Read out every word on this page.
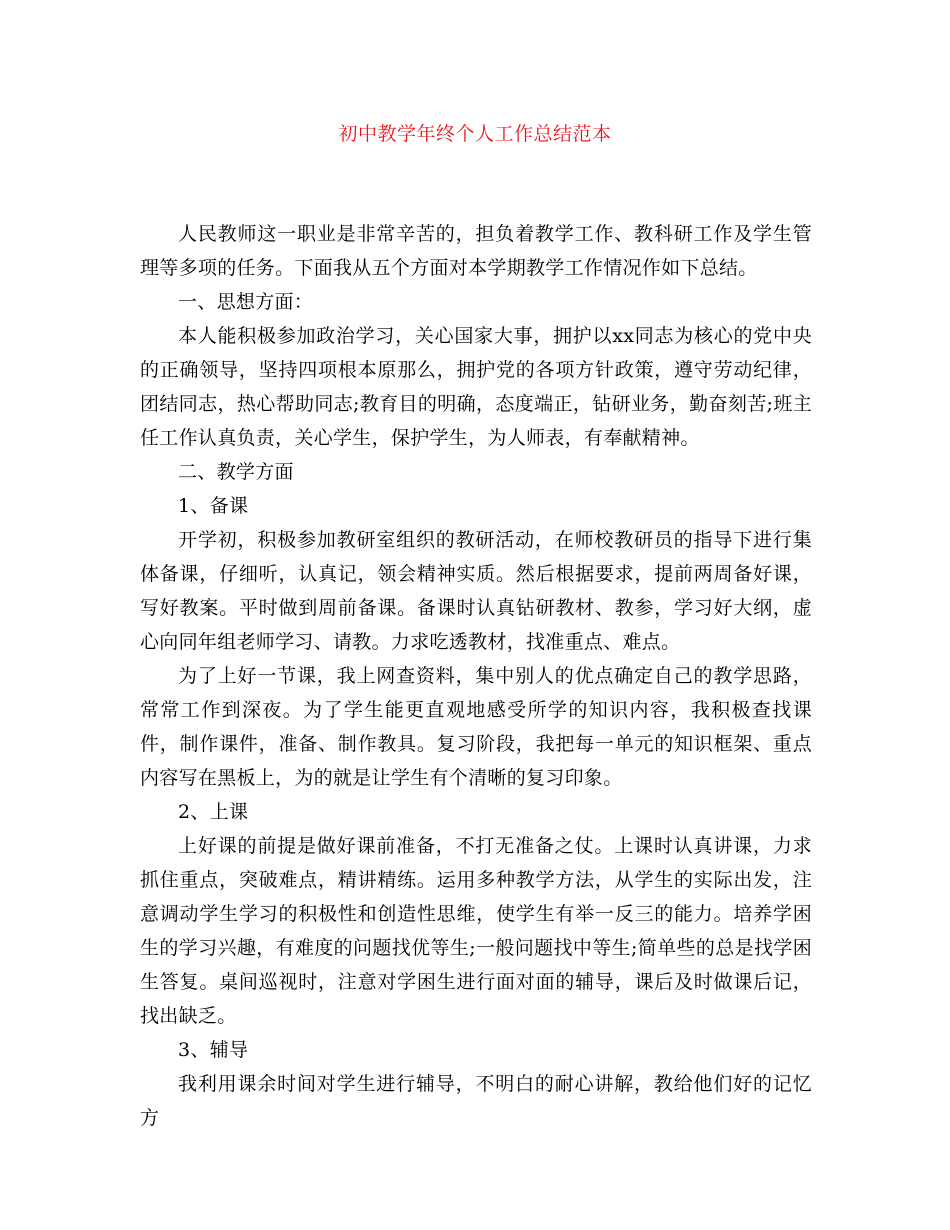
初中教学年终个人工作总结范本

人民教师这一职业是非常辛苦的，担负着教学工作、教科研工作及学生管理等多项的任务。下面我从五个方面对本学期教学工作情况作如下总结。

一、思想方面：

本人能积极参加政治学习，关心国家大事，拥护以xx同志为核心的党中央的正确领导，坚持四项根本原那么，拥护党的各项方针政策，遵守劳动纪律，团结同志，热心帮助同志;教育目的明确，态度端正，钻研业务，勤奋刻苦;班主任工作认真负责，关心学生，保护学生，为人师表，有奉献精神。

二、教学方面

1、备课

开学初，积极参加教研室组织的教研活动，在师校教研员的指导下进行集体备课，仔细听，认真记，领会精神实质。然后根据要求，提前两周备好课，写好教案。平时做到周前备课。备课时认真钻研教材、教参，学习好大纲，虚心向同年组老师学习、请教。力求吃透教材，找准重点、难点。

为了上好一节课，我上网查资料，集中别人的优点确定自己的教学思路，常常工作到深夜。为了学生能更直观地感受所学的知识内容，我积极查找课件，制作课件，准备、制作教具。复习阶段，我把每一单元的知识框架、重点内容写在黑板上，为的就是让学生有个清晰的复习印象。

2、上课

上好课的前提是做好课前准备，不打无准备之仗。上课时认真讲课，力求抓住重点，突破难点，精讲精练。运用多种教学方法，从学生的实际出发，注意调动学生学习的积极性和创造性思维，使学生有举一反三的能力。培养学困生的学习兴趣，有难度的问题找优等生;一般问题找中等生;简单些的总是找学困生答复。桌间巡视时，注意对学困生进行面对面的辅导，课后及时做课后记，找出缺乏。

3、辅导

我利用课余时间对学生进行辅导，不明白的耐心讲解，教给他们好的记忆方
